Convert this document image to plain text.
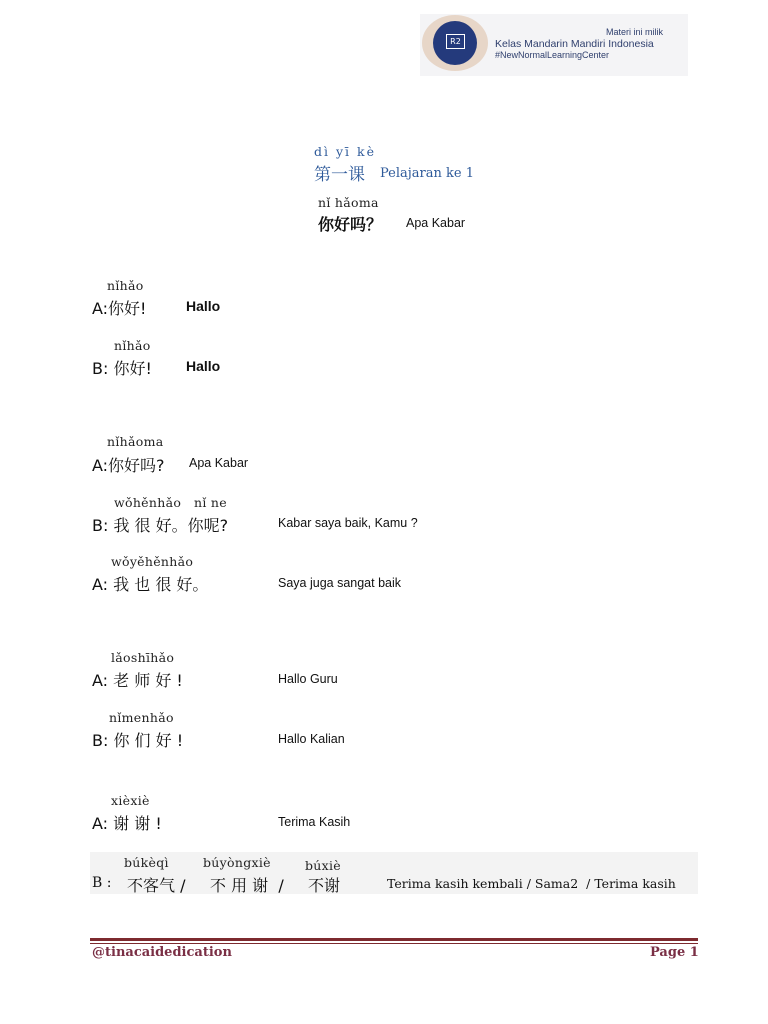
R2
Materi ini milik
Kelas Mandarin Mandiri Indonesia
#NewNormalLearningCenter
dì yī kè
第一课 Pelajaran ke 1
nǐ hǎoma
你好吗？ Apa Kabar
nǐhǎo
A:你好!	Hallo
nǐhǎo
B: 你好! Hallo
nǐhǎoma
A:你好吗? Apa Kabar
wǒhěnhǎo   nǐ ne
B: 我 很 好。你呢?	Kabar saya baik, Kamu ?
wǒyěhěnhǎo
A: 我 也 很 好。	Saya juga sangat baik
lǎoshīhǎo
A: 老 师 好 !	Hallo Guru
nǐmenhǎo
B: 你 们 好 !	Hallo Kalian
xièxiè
A: 谢 谢 !	Terima Kasih
búkèqì	búyòngxiè	búxiè
B : 不客气 / 不 用 谢  / 不谢	Terima kasih kembali / Sama2  / Terima kasih
@tinacaidedication	Page 1
